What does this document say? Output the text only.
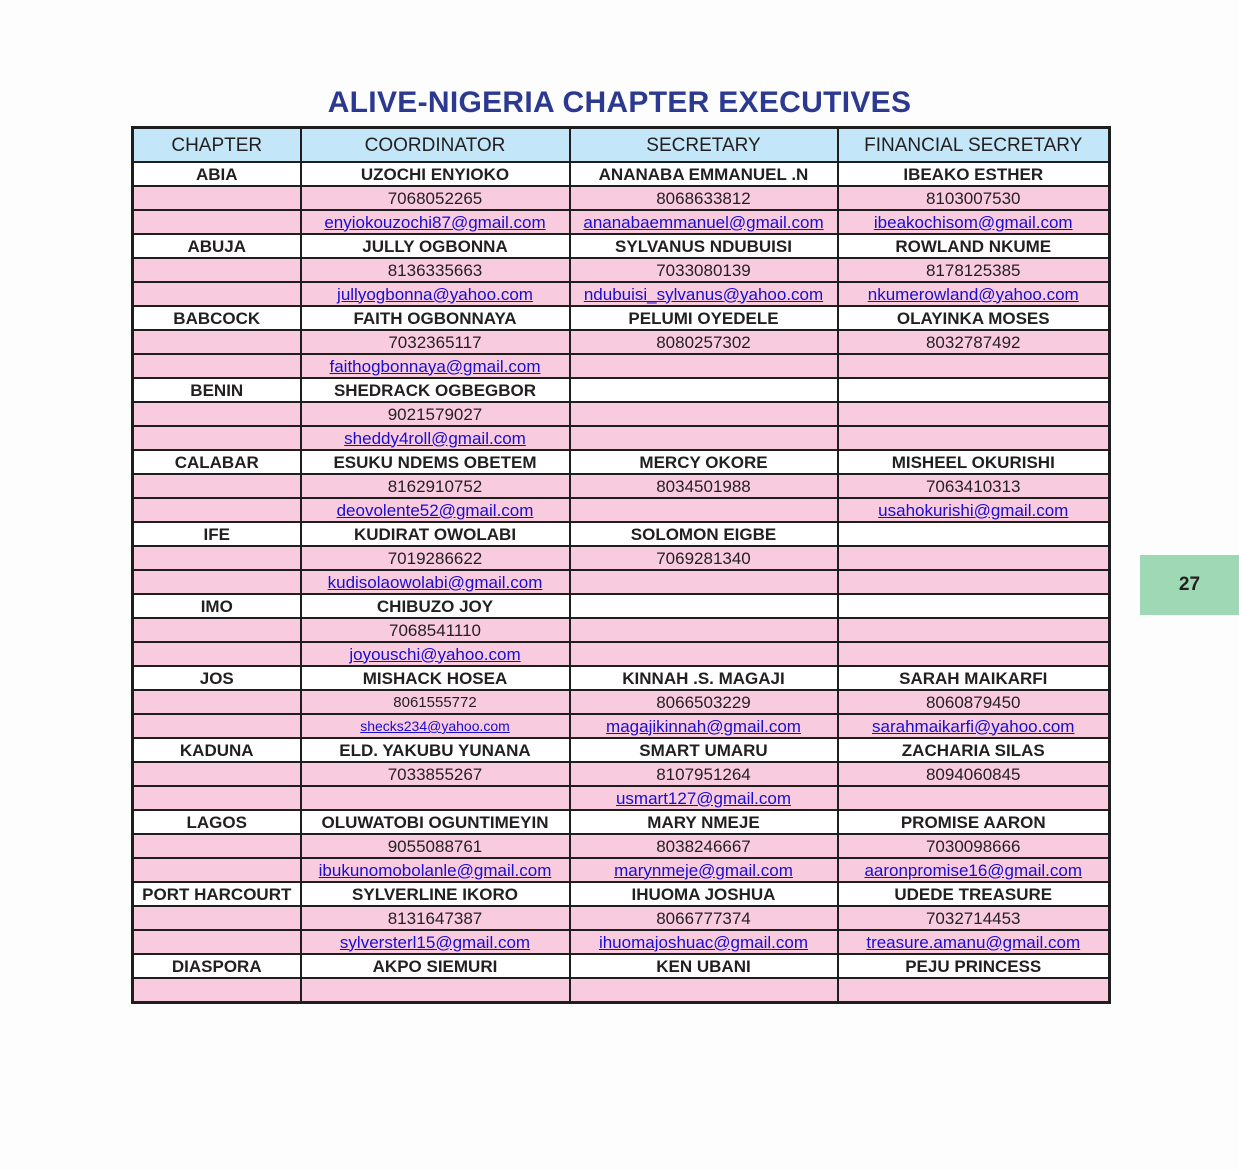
ALIVE-NIGERIA CHAPTER EXECUTIVES
CHAPTER	COORDINATOR	SECRETARY	FINANCIAL SECRETARY
ABIA	UZOCHI ENYIOKO	ANANABA EMMANUEL .N	IBEAKO ESTHER
	7068052265	8068633812	8103007530
	enyiokouzochi87@gmail.com	ananabaemmanuel@gmail.com	ibeakochisom@gmail.com
ABUJA	JULLY OGBONNA	SYLVANUS NDUBUISI	ROWLAND NKUME
	8136335663	7033080139	8178125385
	jullyogbonna@yahoo.com	ndubuisi_sylvanus@yahoo.com	nkumerowland@yahoo.com
BABCOCK	FAITH OGBONNAYA	PELUMI OYEDELE	OLAYINKA MOSES
	7032365117	8080257302	8032787492
	faithogbonnaya@gmail.com		
BENIN	SHEDRACK OGBEGBOR		
	9021579027		
	sheddy4roll@gmail.com		
CALABAR	ESUKU NDEMS OBETEM	MERCY OKORE	MISHEEL OKURISHI
	8162910752	8034501988	7063410313
	deovolente52@gmail.com		usahokurishi@gmail.com
IFE	KUDIRAT OWOLABI	SOLOMON EIGBE	
	7019286622	7069281340	
	kudisolaowolabi@gmail.com		
IMO	CHIBUZO JOY		
	7068541110		
	joyouschi@yahoo.com		
JOS	MISHACK HOSEA	KINNAH .S. MAGAJI	SARAH MAIKARFI
	8061555772	8066503229	8060879450
	shecks234@yahoo.com	magajikinnah@gmail.com	sarahmaikarfi@yahoo.com
KADUNA	ELD. YAKUBU YUNANA	SMART UMARU	ZACHARIA SILAS
	7033855267	8107951264	8094060845
		usmart127@gmail.com	
LAGOS	OLUWATOBI OGUNTIMEYIN	MARY NMEJE	PROMISE AARON
	9055088761	8038246667	7030098666
	ibukunomobolanle@gmail.com	marynmeje@gmail.com	aaronpromise16@gmail.com
PORT HARCOURT	SYLVERLINE IKORO	IHUOMA JOSHUA	UDEDE TREASURE
	8131647387	8066777374	7032714453
	sylversterl15@gmail.com	ihuomajoshuac@gmail.com	treasure.amanu@gmail.com
DIASPORA	AKPO SIEMURI	KEN UBANI	PEJU PRINCESS

27
